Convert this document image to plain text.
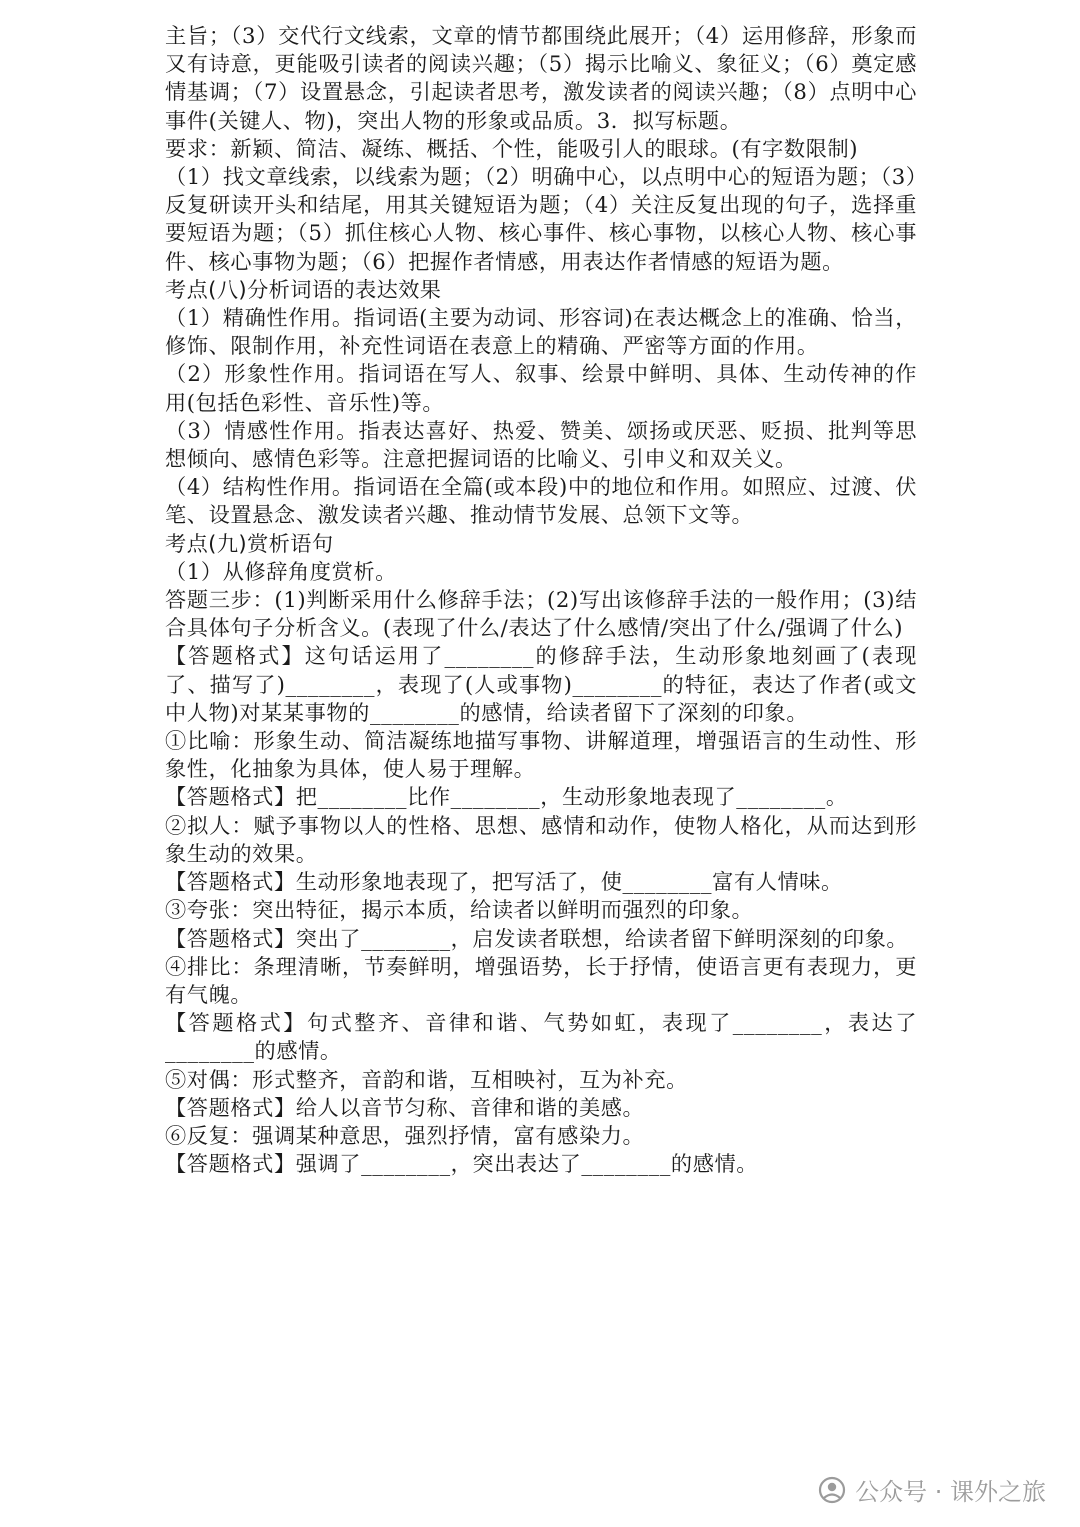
主旨；（3）交代行文线索，文章的情节都围绕此展开；（4）运用修辞，形象而又有诗意，更能吸引读者的阅读兴趣；（5）揭示比喻义、象征义；（6）奠定感情基调；（7）设置悬念，引起读者思考，激发读者的阅读兴趣；（8）点明中心事件(关键人、物)，突出人物的形象或品质。3．拟写标题。

要求：新颖、简洁、凝练、概括、个性，能吸引人的眼球。(有字数限制)

（1）找文章线索，以线索为题；（2）明确中心，以点明中心的短语为题；（3）反复研读开头和结尾，用其关键短语为题；（4）关注反复出现的句子，选择重要短语为题；（5）抓住核心人物、核心事件、核心事物，以核心人物、核心事件、核心事物为题；（6）把握作者情感，用表达作者情感的短语为题。

考点(八)分析词语的表达效果

（1）精确性作用。指词语(主要为动词、形容词)在表达概念上的准确、恰当，修饰、限制作用，补充性词语在表意上的精确、严密等方面的作用。

（2）形象性作用。指词语在写人、叙事、绘景中鲜明、具体、生动传神的作用(包括色彩性、音乐性)等。

（3）情感性作用。指表达喜好、热爱、赞美、颂扬或厌恶、贬损、批判等思想倾向、感情色彩等。注意把握词语的比喻义、引申义和双关义。

（4）结构性作用。指词语在全篇(或本段)中的地位和作用。如照应、过渡、伏笔、设置悬念、激发读者兴趣、推动情节发展、总领下文等。

考点(九)赏析语句

（1）从修辞角度赏析。

答题三步：(1)判断采用什么修辞手法；(2)写出该修辞手法的一般作用；(3)结合具体句子分析含义。(表现了什么/表达了什么感情/突出了什么/强调了什么)

【答题格式】这句话运用了________的修辞手法，生动形象地刻画了(表现了、描写了)________，表现了(人或事物)________的特征，表达了作者(或文中人物)对某某事物的________的感情，给读者留下了深刻的印象。

①比喻：形象生动、简洁凝练地描写事物、讲解道理，增强语言的生动性、形象性，化抽象为具体，使人易于理解。

【答题格式】把________比作________，生动形象地表现了________。

②拟人：赋予事物以人的性格、思想、感情和动作，使物人格化，从而达到形象生动的效果。

【答题格式】生动形象地表现了，把写活了，使________富有人情味。

③夸张：突出特征，揭示本质，给读者以鲜明而强烈的印象。

【答题格式】突出了________，启发读者联想，给读者留下鲜明深刻的印象。

④排比：条理清晰，节奏鲜明，增强语势，长于抒情，使语言更有表现力，更有气魄。

【答题格式】句式整齐、音律和谐、气势如虹，表现了________，表达了________的感情。

⑤对偶：形式整齐，音韵和谐，互相映衬，互为补充。

【答题格式】给人以音节匀称、音律和谐的美感。

⑥反复：强调某种意思，强烈抒情，富有感染力。

【答题格式】强调了________，突出表达了________的感情。

公众号 · 课外之旅
